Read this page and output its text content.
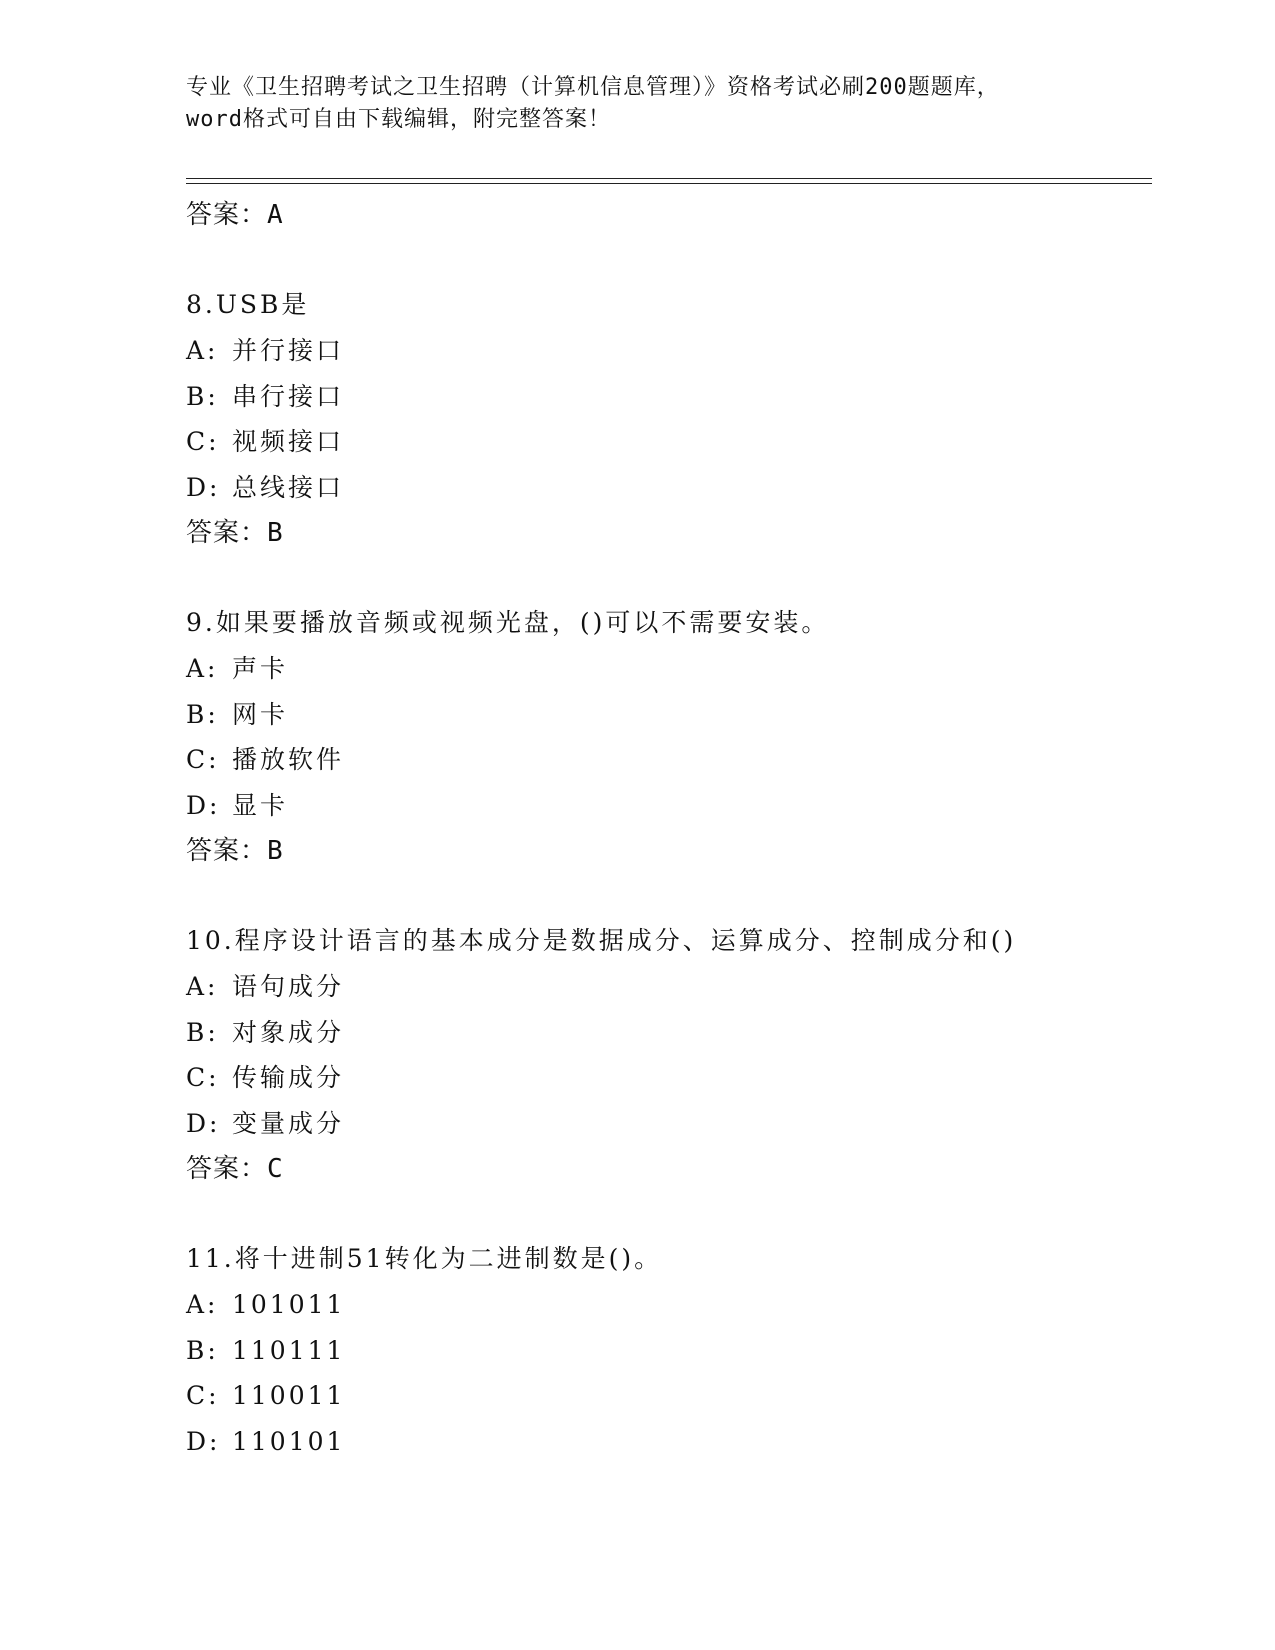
专业《卫生招聘考试之卫生招聘（计算机信息管理）》资格考试必刷200题题库，
word格式可自由下载编辑，附完整答案！
答案：A
8.USB是
A: 并行接口
B: 串行接口
C: 视频接口
D: 总线接口
答案：B
9.如果要播放音频或视频光盘，()可以不需要安装。
A: 声卡
B: 网卡
C: 播放软件
D: 显卡
答案：B
10.程序设计语言的基本成分是数据成分、运算成分、控制成分和()
A: 语句成分
B: 对象成分
C: 传输成分
D: 变量成分
答案：C
11.将十进制51转化为二进制数是()。
A: 101011
B: 110111
C: 110011
D: 110101
